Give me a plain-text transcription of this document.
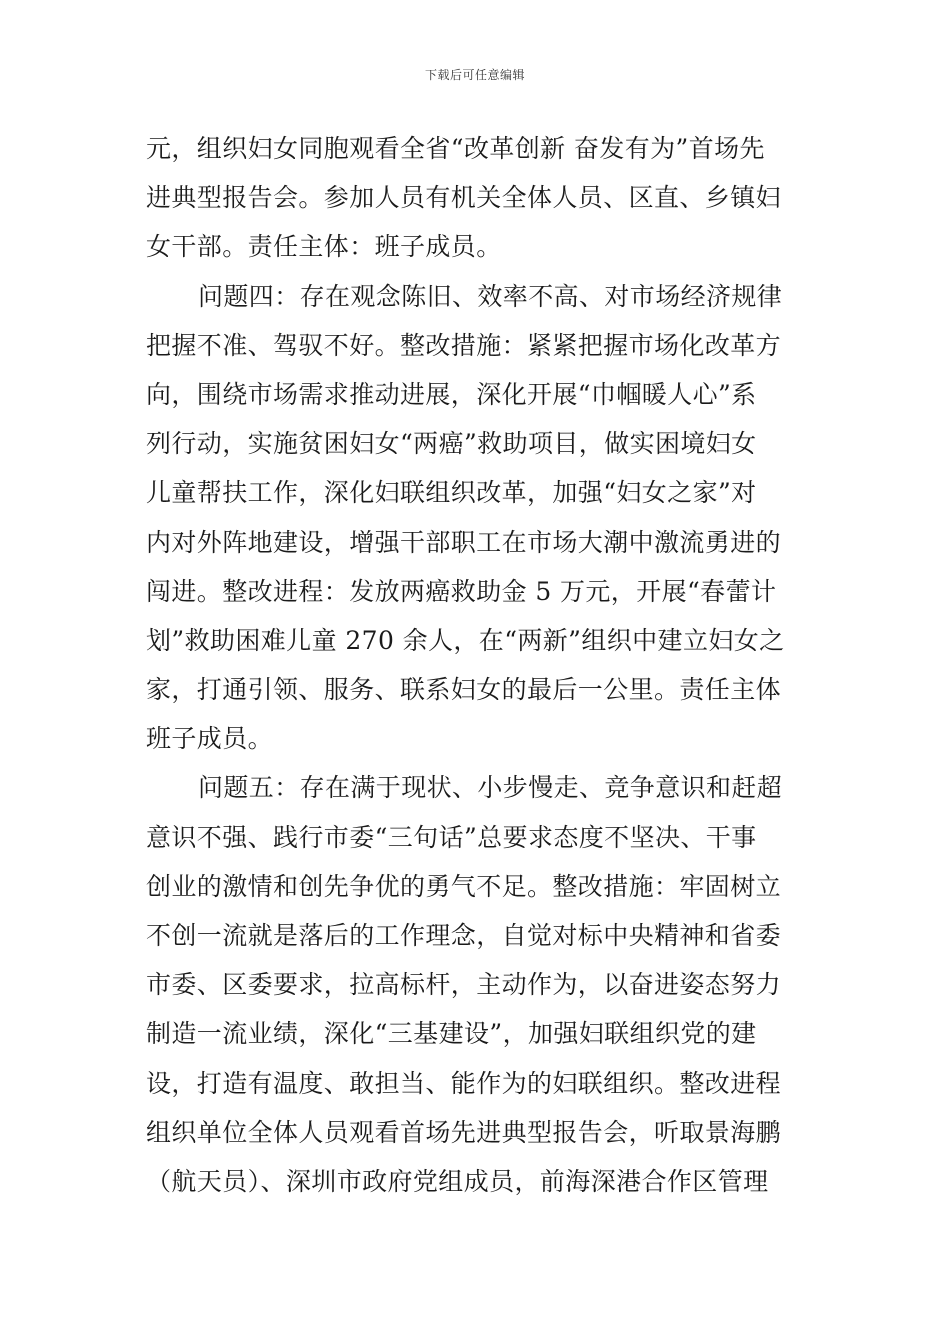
下载后可任意编辑
元，组织妇女同胞观看全省“改革创新 奋发有为”首场先
进典型报告会。参加人员有机关全体人员、区直、乡镇妇
女干部。责任主体：班子成员。
问题四：存在观念陈旧、效率不高、对市场经济规律
把握不准、驾驭不好。整改措施：紧紧把握市场化改革方
向，围绕市场需求推动进展，深化开展“巾帼暖人心”系
列行动，实施贫困妇女“两癌”救助项目，做实困境妇女
儿童帮扶工作，深化妇联组织改革，加强“妇女之家”对
内对外阵地建设，增强干部职工在市场大潮中激流勇进的
闯进。整改进程：发放两癌救助金 5 万元，开展“春蕾计
划”救助困难儿童 270 余人，在“两新”组织中建立妇女之
家，打通引领、服务、联系妇女的最后一公里。责任主体
班子成员。
问题五：存在满于现状、小步慢走、竞争意识和赶超
意识不强、践行市委“三句话”总要求态度不坚决、干事
创业的激情和创先争优的勇气不足。整改措施：牢固树立
不创一流就是落后的工作理念，自觉对标中央精神和省委
市委、区委要求，拉高标杆，主动作为，以奋进姿态努力
制造一流业绩，深化“三基建设”，加强妇联组织党的建
设，打造有温度、敢担当、能作为的妇联组织。整改进程
组织单位全体人员观看首场先进典型报告会，听取景海鹏
（航天员）、深圳市政府党组成员，前海深港合作区管理
